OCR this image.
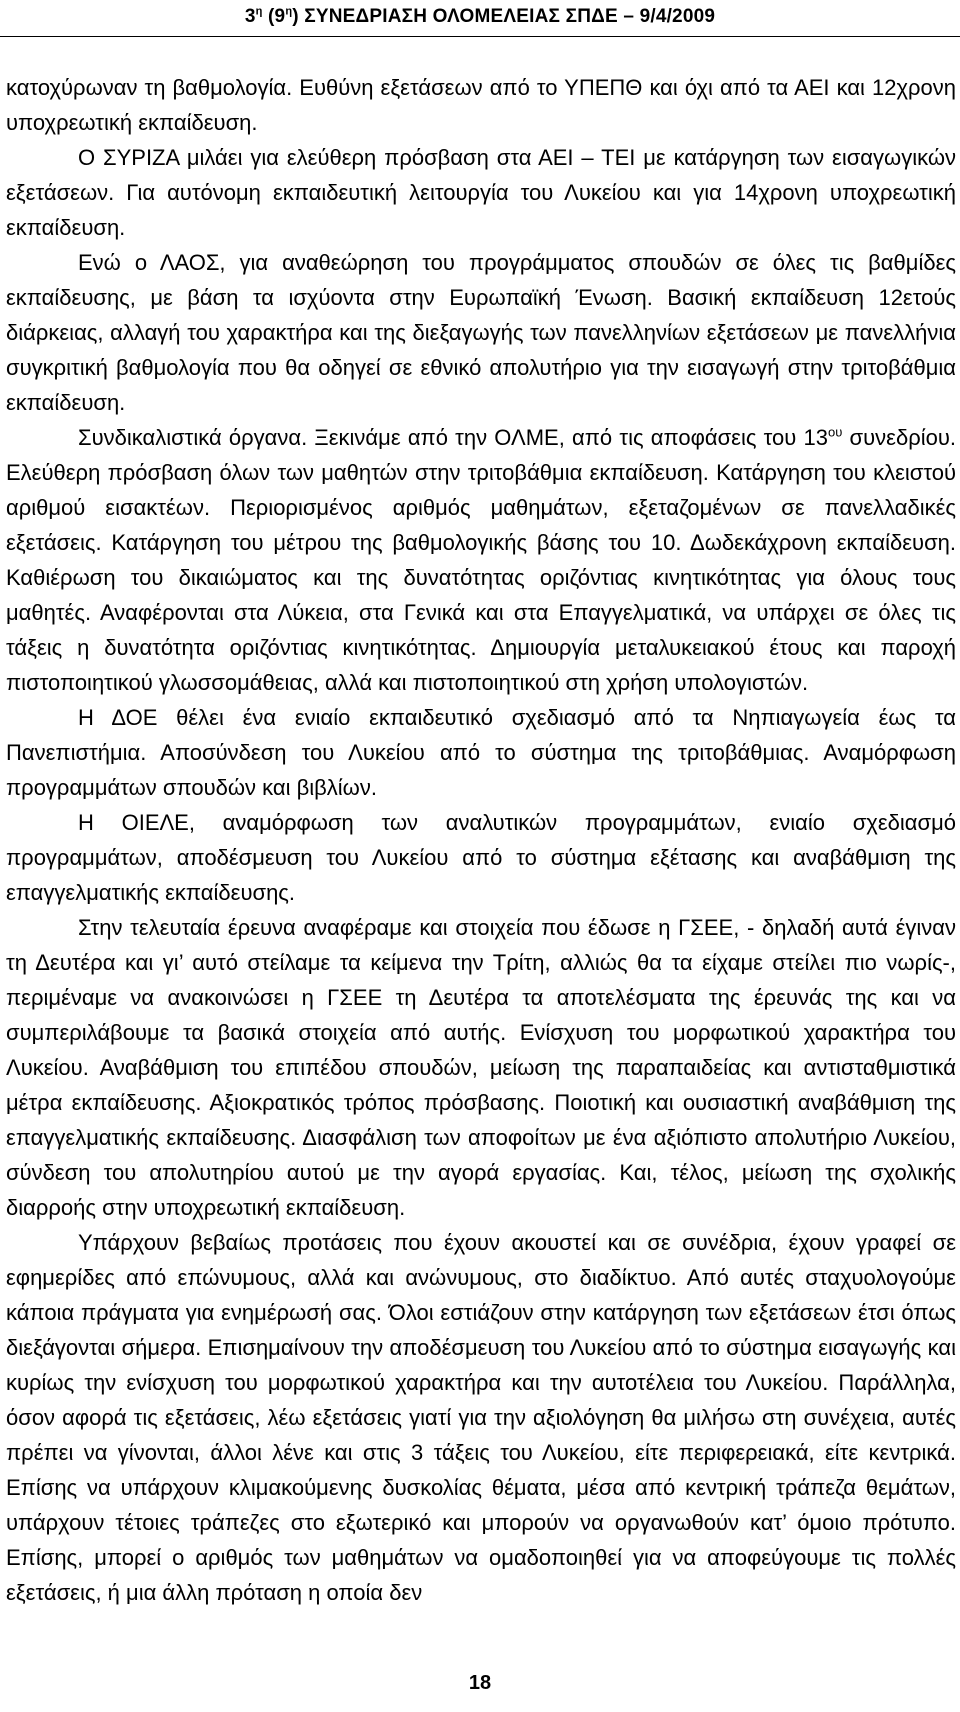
$3^\eta$ $(9^\eta)$ ΣΥΝΕΔΡΙΑΣΗ ΟΛΟΜΕΛΕΙΑΣ ΣΠΔΕ – 9/4/2009

κατοχύρωναν τη βαθμολογία. Ευθύνη εξετάσεων από το ΥΠΕΠΘ και όχι από τα ΑΕΙ και 12χρονη υποχρεωτική εκπαίδευση.

Ο ΣΥΡΙΖΑ μιλάει για ελεύθερη πρόσβαση στα ΑΕΙ – ΤΕΙ με κατάργηση των εισαγωγικών εξετάσεων. Για αυτόνομη εκπαιδευτική λειτουργία του Λυκείου και για 14χρονη υποχρεωτική εκπαίδευση.

Ενώ ο ΛΑΟΣ, για αναθεώρηση του προγράμματος σπουδών σε όλες τις βαθμίδες εκπαίδευσης, με βάση τα ισχύοντα στην Ευρωπαϊκή Ένωση. Βασική εκπαίδευση 12ετούς διάρκειας, αλλαγή του χαρακτήρα και της διεξαγωγής των πανελληνίων εξετάσεων με πανελλήνια συγκριτική βαθμολογία που θα οδηγεί σε εθνικό απολυτήριο για την εισαγωγή στην τριτοβάθμια εκπαίδευση.

Συνδικαλιστικά όργανα. Ξεκινάμε από την ΟΛΜΕ, από τις αποφάσεις του $13^{o\upsilon}$ συνεδρίου. Ελεύθερη πρόσβαση όλων των μαθητών στην τριτοβάθμια εκπαίδευση. Κατάργηση του κλειστού αριθμού εισακτέων. Περιορισμένος αριθμός μαθημάτων, εξεταζομένων σε πανελλαδικές εξετάσεις. Κατάργηση του μέτρου της βαθμολογικής βάσης του 10. Δωδεκάχρονη εκπαίδευση. Καθιέρωση του δικαιώματος και της δυνατότητας οριζόντιας κινητικότητας για όλους τους μαθητές. Αναφέρονται στα Λύκεια, στα Γενικά και στα Επαγγελματικά, να υπάρχει σε όλες τις τάξεις η δυνατότητα οριζόντιας κινητικότητας. Δημιουργία μεταλυκειακού έτους και παροχή πιστοποιητικού γλωσσομάθειας, αλλά και πιστοποιητικού στη χρήση υπολογιστών.

Η ΔΟΕ θέλει ένα ενιαίο εκπαιδευτικό σχεδιασμό από τα Νηπιαγωγεία έως τα Πανεπιστήμια. Αποσύνδεση του Λυκείου από το σύστημα της τριτοβάθμιας. Αναμόρφωση προγραμμάτων σπουδών και βιβλίων.

Η ΟΙΕΛΕ, αναμόρφωση των αναλυτικών προγραμμάτων, ενιαίο σχεδιασμό προγραμμάτων, αποδέσμευση του Λυκείου από το σύστημα εξέτασης και αναβάθμιση της επαγγελματικής εκπαίδευσης.

Στην τελευταία έρευνα αναφέραμε και στοιχεία που έδωσε η ΓΣΕΕ, - δηλαδή αυτά έγιναν τη Δευτέρα και γι’ αυτό στείλαμε τα κείμενα την Τρίτη, αλλιώς θα τα είχαμε στείλει πιο νωρίς-, περιμέναμε να ανακοινώσει η ΓΣΕΕ τη Δευτέρα τα αποτελέσματα της έρευνάς της και να συμπεριλάβουμε τα βασικά στοιχεία από αυτής. Ενίσχυση του μορφωτικού χαρακτήρα του Λυκείου. Αναβάθμιση του επιπέδου σπουδών, μείωση της παραπαιδείας και αντισταθμιστικά μέτρα εκπαίδευσης. Αξιοκρατικός τρόπος πρόσβασης. Ποιοτική και ουσιαστική αναβάθμιση της επαγγελματικής εκπαίδευσης. Διασφάλιση των αποφοίτων με ένα αξιόπιστο απολυτήριο Λυκείου, σύνδεση του απολυτηρίου αυτού με την αγορά εργασίας. Και, τέλος, μείωση της σχολικής διαρροής στην υποχρεωτική εκπαίδευση.

Υπάρχουν βεβαίως προτάσεις που έχουν ακουστεί και σε συνέδρια, έχουν γραφεί σε εφημερίδες από επώνυμους, αλλά και ανώνυμους, στο διαδίκτυο. Από αυτές σταχυολογούμε κάποια πράγματα για ενημέρωσή σας. Όλοι εστιάζουν στην κατάργηση των εξετάσεων έτσι όπως διεξάγονται σήμερα. Επισημαίνουν την αποδέσμευση του Λυκείου από το σύστημα εισαγωγής και κυρίως την ενίσχυση του μορφωτικού χαρακτήρα και την αυτοτέλεια του Λυκείου. Παράλληλα, όσον αφορά τις εξετάσεις, λέω εξετάσεις γιατί για την αξιολόγηση θα μιλήσω στη συνέχεια, αυτές πρέπει να γίνονται, άλλοι λένε και στις 3 τάξεις του Λυκείου, είτε περιφερειακά, είτε κεντρικά. Επίσης να υπάρχουν κλιμακούμενης δυσκολίας θέματα, μέσα από κεντρική τράπεζα θεμάτων, υπάρχουν τέτοιες τράπεζες στο εξωτερικό και μπορούν να οργανωθούν κατ’ όμοιο πρότυπο. Επίσης, μπορεί ο αριθμός των μαθημάτων να ομαδοποιηθεί για να αποφεύγουμε τις πολλές εξετάσεις, ή μια άλλη πρόταση η οποία δεν

18
